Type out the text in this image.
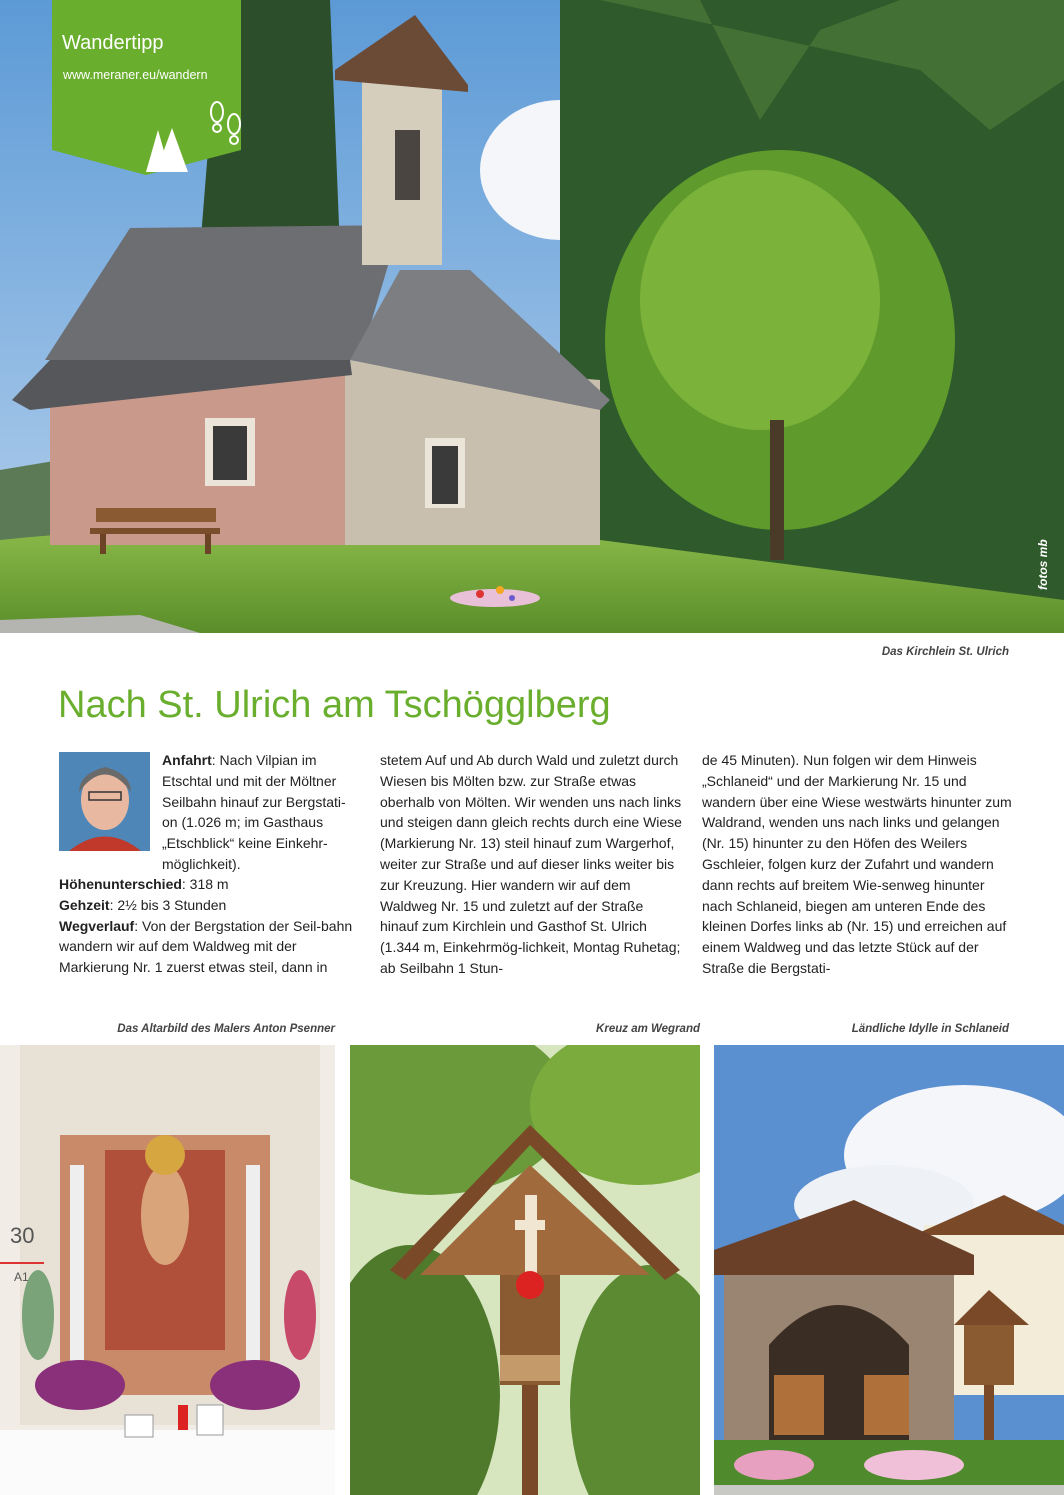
Wandertipp
www.meraner.eu/wandern
fotos mb
Das Kirchlein St. Ulrich
Nach St. Ulrich am Tschögglberg
Anfahrt: Nach Vilpian im Etschtal und mit der Möltner Seilbahn hinauf zur Bergstati-on (1.026 m; im Gasthaus „Etschblick“ keine Einkehr-möglichkeit).

Höhenunterschied: 318 m

Gehzeit: 2½ bis 3 Stunden

Wegverlauf: Von der Bergstation der Seil-bahn wandern wir auf dem Waldweg mit der Markierung Nr. 1 zuerst etwas steil, dann in

stetem Auf und Ab durch Wald und zuletzt durch Wiesen bis Mölten bzw. zur Straße etwas oberhalb von Mölten. Wir wenden uns nach links und steigen dann gleich rechts durch eine Wiese (Markierung Nr. 13) steil hinauf zum Wargerhof, weiter zur Straße und auf dieser links weiter bis zur Kreuzung. Hier wandern wir auf dem Waldweg Nr. 15 und zuletzt auf der Straße hinauf zum Kirchlein und Gasthof St. Ulrich (1.344 m, Einkehrmög-lichkeit, Montag Ruhetag; ab Seilbahn 1 Stun-
de 45 Minuten). Nun folgen wir dem Hinweis „Schlaneid“ und der Markierung Nr. 15 und wandern über eine Wiese westwärts hinunter zum Waldrand, wenden uns nach links und gelangen (Nr. 15) hinunter zu den Höfen des Weilers Gschleier, folgen kurz der Zufahrt und wandern dann rechts auf breitem Wie-senweg hinunter nach Schlaneid, biegen am unteren Ende des kleinen Dorfes links ab (Nr. 15) und erreichen auf einem Waldweg und das letzte Stück auf der Straße die Bergstati-
Das Altarbild des Malers Anton Psenner	Kreuz am Wegrand	Ländliche Idylle in Schlaneid
30
A1
